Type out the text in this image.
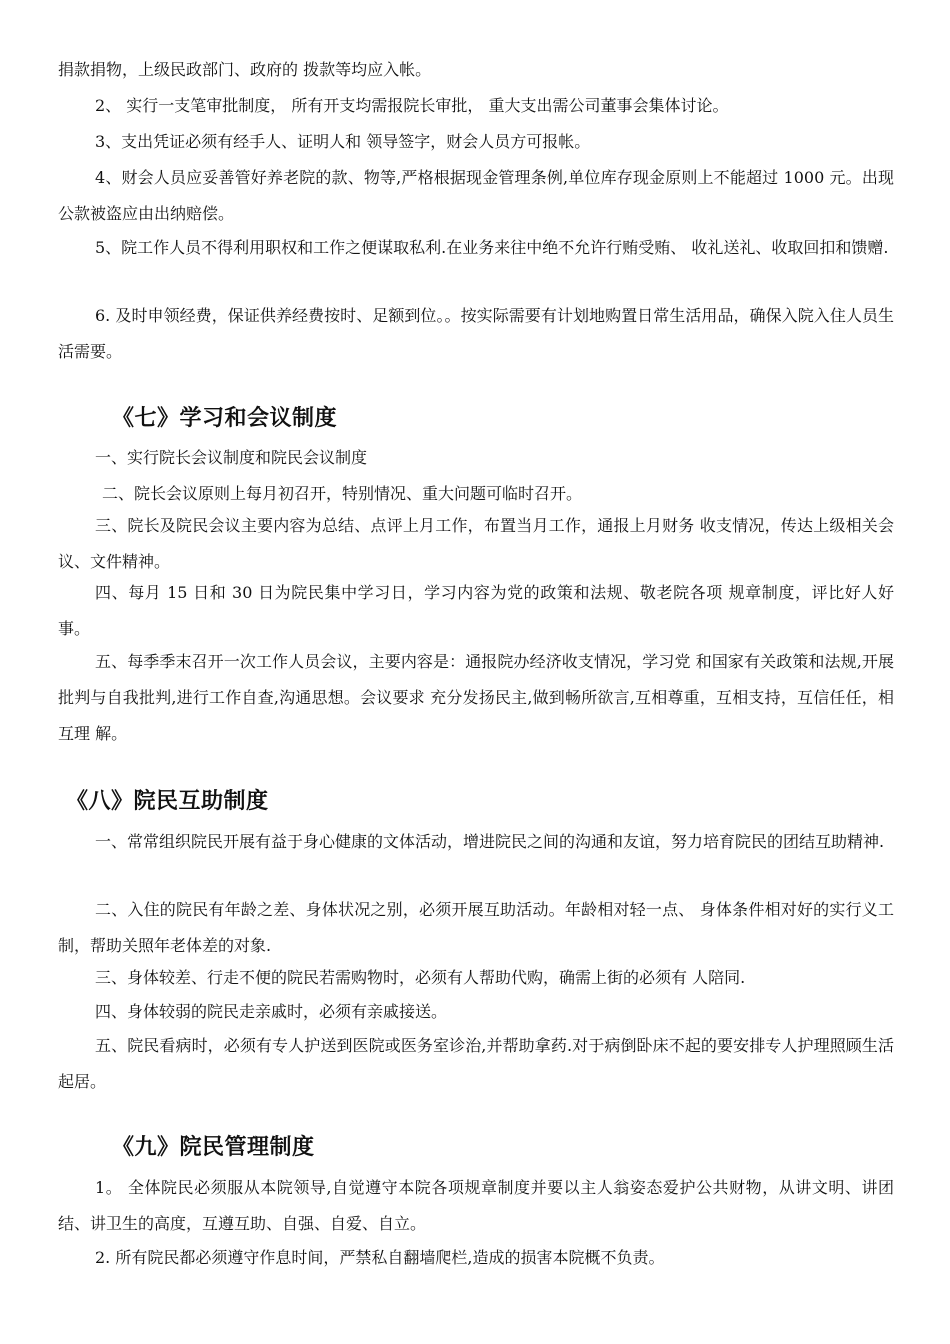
捐款捐物，上级民政部门、政府的 拨款等均应入帐。

2、 实行一支笔审批制度， 所有开支均需报院长审批， 重大支出需公司董事会集体讨论。

3、支出凭证必须有经手人、证明人和 领导签字，财会人员方可报帐。

4、财会人员应妥善管好养老院的款、物等,严格根据现金管理条例,单位库存现金原则上不能超过 1000 元。出现公款被盗应由出纳赔偿。

5、院工作人员不得利用职权和工作之便谋取私利.在业务来往中绝不允许行贿受贿、 收礼送礼、收取回扣和馈赠.

6. 及时申领经费，保证供养经费按时、足额到位。。按实际需要有计划地购置日常生活用品，确保入院入住人员生活需要。

《七》学习和会议制度

一、实行院长会议制度和院民会议制度

二、院长会议原则上每月初召开，特别情况、重大问题可临时召开。

三、院长及院民会议主要内容为总结、点评上月工作，布置当月工作，通报上月财务 收支情况，传达上级相关会议、文件精神。

四、每月 15 日和 30 日为院民集中学习日，学习内容为党的政策和法规、敬老院各项 规章制度，评比好人好事。

五、每季季末召开一次工作人员会议，主要内容是：通报院办经济收支情况，学习党 和国家有关政策和法规,开展批判与自我批判,进行工作自查,沟通思想。会议要求 充分发扬民主,做到畅所欲言,互相尊重，互相支持，互信任任，相互理 解。

《八》院民互助制度

一、常常组织院民开展有益于身心健康的文体活动，增进院民之间的沟通和友谊，努力培育院民的团结互助精神.

二、入住的院民有年龄之差、身体状况之别，必须开展互助活动。年龄相对轻一点、 身体条件相对好的实行义工制，帮助关照年老体差的对象.

三、身体较差、行走不便的院民若需购物时，必须有人帮助代购，确需上街的必须有 人陪同.

四、身体较弱的院民走亲戚时，必须有亲戚接送。

五、院民看病时，必须有专人护送到医院或医务室诊治,并帮助拿药.对于病倒卧床不起的要安排专人护理照顾生活起居。

《九》院民管理制度

1。 全体院民必须服从本院领导,自觉遵守本院各项规章制度并要以主人翁姿态爱护公共财物，从讲文明、讲团结、讲卫生的高度，互遵互助、自强、自爱、自立。

2. 所有院民都必须遵守作息时间，严禁私自翻墙爬栏,造成的损害本院概不负责。
